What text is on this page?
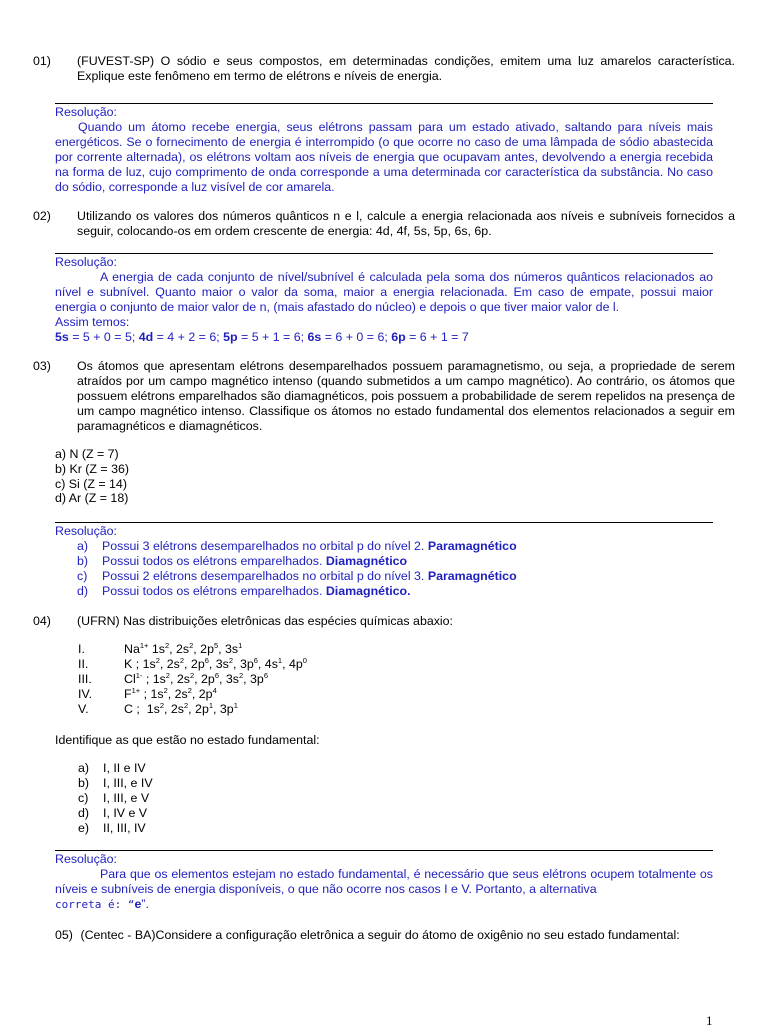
01) (FUVEST-SP) O sódio e seus compostos, em determinadas condições, emitem uma luz amarelos característica. Explique este fenômeno em termo de elétrons e níveis de energia.
Resolução:
Quando um átomo recebe energia, seus elétrons passam para um estado ativado, saltando para níveis mais energéticos. Se o fornecimento de energia é interrompido (o que ocorre no caso de uma lâmpada de sódio abastecida por corrente alternada), os elétrons voltam aos níveis de energia que ocupavam antes, devolvendo a energia recebida na forma de luz, cujo comprimento de onda corresponde a uma determinada cor característica da substância. No caso do sódio, corresponde a luz visível de cor amarela.
02) Utilizando os valores dos números quânticos n e l, calcule a energia relacionada aos níveis e subníveis fornecidos a seguir, colocando-os em ordem crescente de energia: 4d, 4f, 5s, 5p, 6s, 6p.
Resolução:
A energia de cada conjunto de nível/subnível é calculada pela soma dos números quânticos relacionados ao nível e subnível. Quanto maior o valor da soma, maior a energia relacionada. Em caso de empate, possui maior energia o conjunto de maior valor de n, (mais afastado do núcleo) e depois o que tiver maior valor de l.
Assim temos:
5s = 5 + 0 = 5; 4d = 4 + 2 = 6; 5p = 5 + 1 = 6; 6s = 6 + 0 = 6; 6p = 6 + 1 = 7
03) Os átomos que apresentam elétrons desemparelhados possuem paramagnetismo, ou seja, a propriedade de serem atraídos por um campo magnético intenso (quando submetidos a um campo magnético). Ao contrário, os átomos que possuem elétrons emparelhados são diamagnéticos, pois possuem a probabilidade de serem repelidos na presença de um campo magnético intenso. Classifique os átomos no estado fundamental dos elementos relacionados a seguir em paramagnéticos e diamagnéticos.
a) N (Z = 7)
b) Kr (Z = 36)
c) Si (Z = 14)
d) Ar (Z = 18)
Resolução:
a) Possui 3 elétrons desemparelhados no orbital p do nível 2. Paramagnético
b) Possui todos os elétrons emparelhados. Diamagnético
c) Possui 2 elétrons desemparelhados no orbital p do nível 3. Paramagnético
d) Possui todos os elétrons emparelhados. Diamagnético.
04) (UFRN) Nas distribuições eletrônicas das espécies químicas abaxio:
I.	$Na^{1+}$ $1s^2$, $2s^2$, $2p^5$, $3s^1$
II.	K ; $1s^2$, $2s^2$, $2p^6$, $3s^2$, $3p^6$, $4s^1$, $4p^0$
III.	$Cl^{1-}$ ; $1s^2$, $2s^2$, $2p^6$, $3s^2$, $3p^6$
IV.	$F^{1+}$ ; $1s^2$, $2s^2$, $2p^4$
V.	C ; $1s^2$, $2s^2$, $2p^1$, $3p^1$
Identifique as que estão no estado fundamental:
a) I, II e IV
b) I, III, e IV
c) I, III, e V
d) I, IV e V
e) II, III, IV
Resolução:
Para que os elementos estejam no estado fundamental, é necessário que seus elétrons ocupem totalmente os níveis e subníveis de energia disponíveis, o que não ocorre nos casos I e V. Portanto, a alternativa
correta é: “e”.
05) (Centec - BA)Considere a configuração eletrônica a seguir do átomo de oxigênio no seu estado fundamental:
1
